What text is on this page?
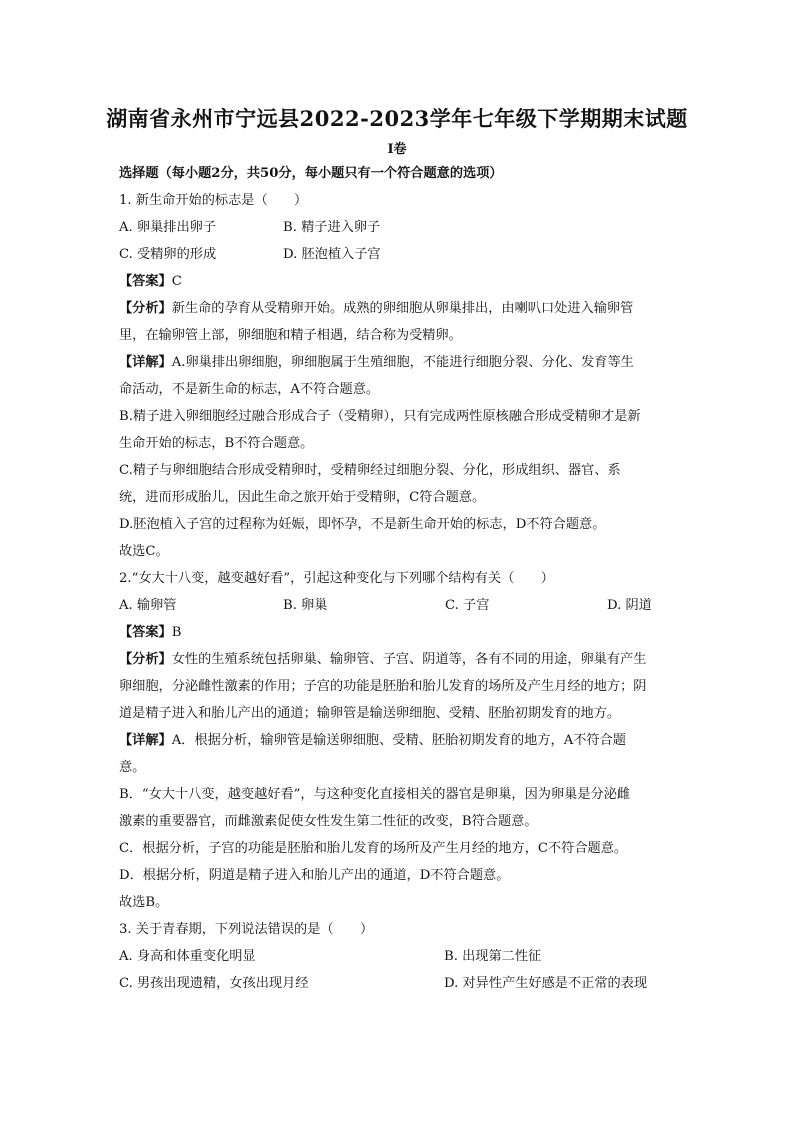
湖南省永州市宁远县2022-2023学年七年级下学期期末试题
I卷
选择题（每小题2分，共50分，每小题只有一个符合题意的选项）
1. 新生命开始的标志是（　　）
A. 卵巢排出卵子	B. 精子进入卵子
C. 受精卵的形成	D. 胚泡植入子宫
【答案】C
【分析】新生命的孕育从受精卵开始。成熟的卵细胞从卵巢排出，由喇叭口处进入输卵管
里，在输卵管上部，卵细胞和精子相遇，结合称为受精卵。
【详解】A.卵巢排出卵细胞，卵细胞属于生殖细胞，不能进行细胞分裂、分化、发育等生
命活动，不是新生命的标志，A不符合题意。
B.精子进入卵细胞经过融合形成合子（受精卵），只有完成两性原核融合形成受精卵才是新
生命开始的标志，B不符合题意。
C.精子与卵细胞结合形成受精卵时，受精卵经过细胞分裂、分化，形成组织、器官、系
统，进而形成胎儿，因此生命之旅开始于受精卵，C符合题意。
D.胚泡植入子宫的过程称为妊娠，即怀孕，不是新生命开始的标志，D不符合题意。
故选C。
2.“女大十八变，越变越好看”，引起这种变化与下列哪个结构有关（　　）
A. 输卵管	B. 卵巢	C. 子宫	D. 阴道
【答案】B
【分析】女性的生殖系统包括卵巢、输卵管、子宫、阴道等，各有不同的用途，卵巢有产生
卵细胞，分泌雌性激素的作用；子宫的功能是胚胎和胎儿发育的场所及产生月经的地方；阴
道是精子进入和胎儿产出的通道；输卵管是输送卵细胞、受精、胚胎初期发育的地方。
【详解】A．根据分析，输卵管是输送卵细胞、受精、胚胎初期发育的地方，A不符合题
意。
B．“女大十八变，越变越好看”，与这种变化直接相关的器官是卵巢，因为卵巢是分泌雌
激素的重要器官，而雌激素促使女性发生第二性征的改变，B符合题意。
C．根据分析，子宫的功能是胚胎和胎儿发育的场所及产生月经的地方，C不符合题意。
D．根据分析，阴道是精子进入和胎儿产出的通道，D不符合题意。
故选B。
3. 关于青春期，下列说法错误的是（　　）
A. 身高和体重变化明显	B. 出现第二性征
C. 男孩出现遗精，女孩出现月经	D. 对异性产生好感是不正常的表现
